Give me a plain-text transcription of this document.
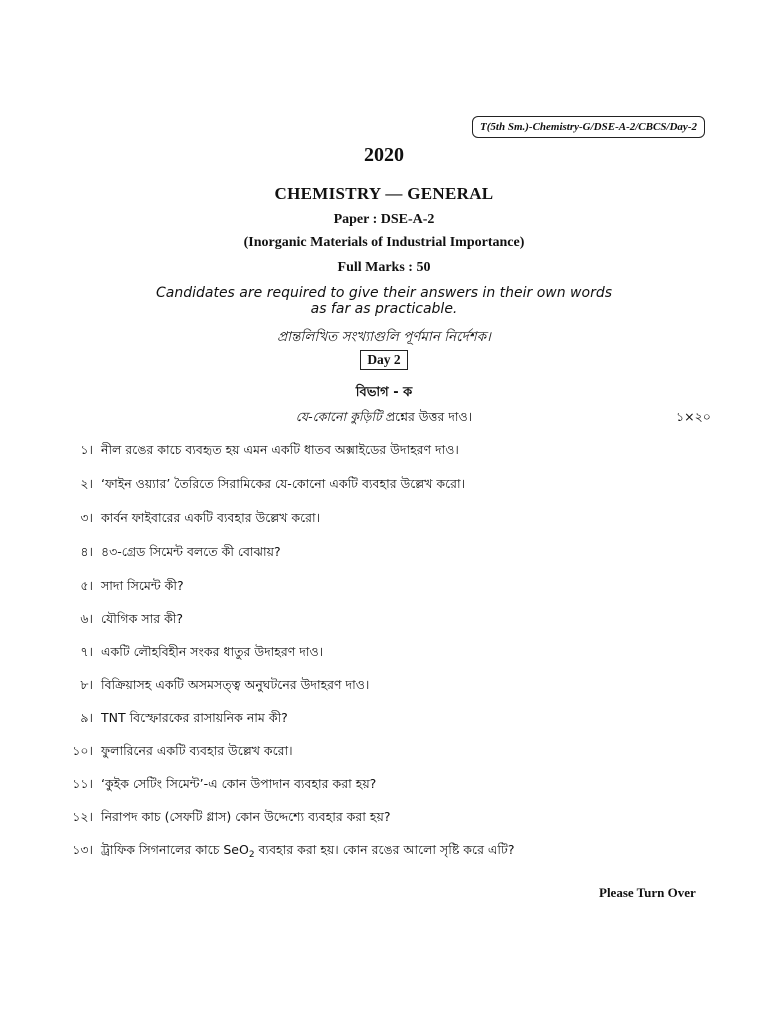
T(5th Sm.)-Chemistry-G/DSE-A-2/CBCS/Day-2
2020
CHEMISTRY — GENERAL
Paper : DSE-A-2
(Inorganic Materials of Industrial Importance)
Full Marks : 50
Candidates are required to give their answers in their own words
as far as practicable.
প্রান্তলিখিত সংখ্যাগুলি পূর্ণমান নির্দেশক।
Day 2
বিভাগ - ক
যে-কোনো কুড়িটি প্রশ্নের উত্তর দাও।	১×২০
১। নীল রঙের কাচে ব্যবহৃত হয় এমন একটি ধাতব অক্সাইডের উদাহরণ দাও।
২। ‘ফাইন ওয়্যার’ তৈরিতে সিরামিকের যে-কোনো একটি ব্যবহার উল্লেখ করো।
৩। কার্বন ফাইবারের একটি ব্যবহার উল্লেখ করো।
৪। ৪৩-গ্রেড সিমেন্ট বলতে কী বোঝায়?
৫। সাদা সিমেন্ট কী?
৬। যৌগিক সার কী?
৭। একটি লৌহবিহীন সংকর ধাতুর উদাহরণ দাও।
৮। বিক্রিয়াসহ একটি অসমসত্ত্ব অনুঘটনের উদাহরণ দাও।
৯। TNT বিস্ফোরকের রাসায়নিক নাম কী?
১০। ফুলারিনের একটি ব্যবহার উল্লেখ করো।
১১। ‘কুইক সেটিং সিমেন্ট’-এ কোন উপাদান ব্যবহার করা হয়?
১২। নিরাপদ কাচ (সেফটি গ্লাস) কোন উদ্দেশ্যে ব্যবহার করা হয়?
১৩। ট্রাফিক সিগনালের কাচে SeO$_2$ ব্যবহার করা হয়। কোন রঙের আলো সৃষ্টি করে এটি?
Please Turn Over
